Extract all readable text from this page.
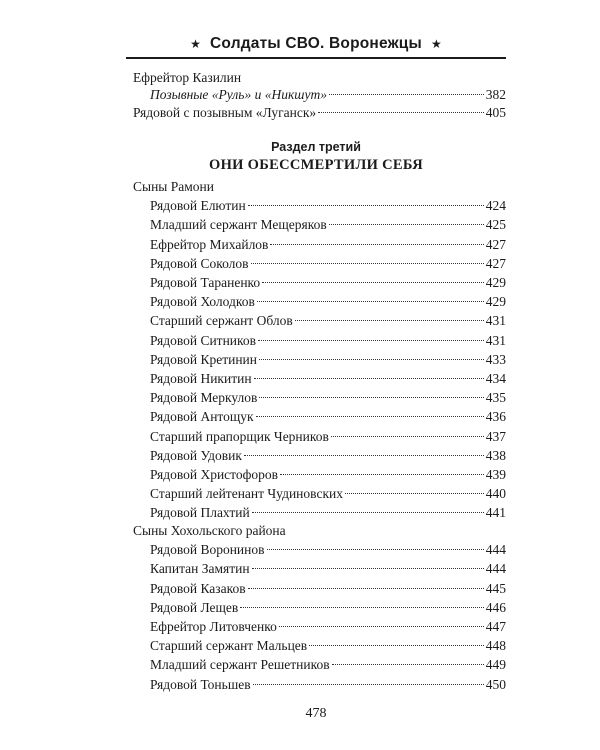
★ Солдаты СВО. Воронежцы ★
Ефрейтор Казилин
Позывные «Руль» и «Никшут»	382
Рядовой с позывным «Луганск»	405
Раздел третий
ОНИ ОБЕССМЕРТИЛИ СЕБЯ
Сыны Рамони
Рядовой Елютин	424
Младший сержант Мещеряков	425
Ефрейтор Михайлов	427
Рядовой Соколов	427
Рядовой Тараненко	429
Рядовой Холодков	429
Старший сержант Облов	431
Рядовой Ситников	431
Рядовой Кретинин	433
Рядовой Никитин	434
Рядовой Меркулов	435
Рядовой Антощук	436
Старший прапорщик Черников	437
Рядовой Удовик	438
Рядовой Христофоров	439
Старший лейтенант Чудиновских	440
Рядовой Плахтий	441
Сыны Хохольского района
Рядовой Воронинов	444
Капитан Замятин	444
Рядовой Казаков	445
Рядовой Лещев	446
Ефрейтор Литовченко	447
Старший сержант Мальцев	448
Младший сержант Решетников	449
Рядовой Тоньшев	450
478
